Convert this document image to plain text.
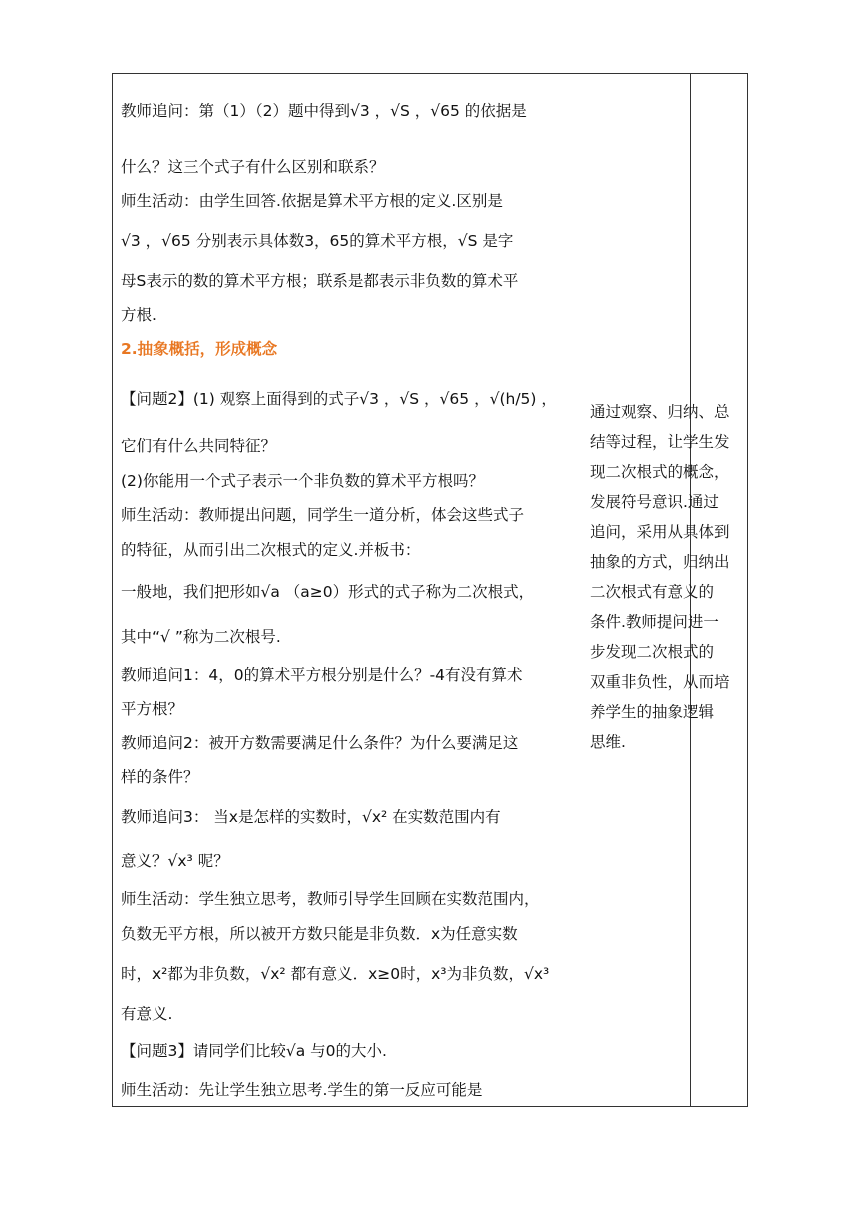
教师追问：第（1）（2）题中得到√3 ，√S ，√65 的依据是
什么？这三个式子有什么区别和联系？
师生活动：由学生回答.依据是算术平方根的定义.区别是
√3 ，√65 分别表示具体数3，65的算术平方根，√S 是字
母S表示的数的算术平方根；联系是都表示非负数的算术平
方根.
2.抽象概括，形成概念
【问题2】(1) 观察上面得到的式子√3 ，√S ，√65 ，√(h/5) ，
它们有什么共同特征？
(2)你能用一个式子表示一个非负数的算术平方根吗？
师生活动：教师提出问题，同学生一道分析，体会这些式子
的特征，从而引出二次根式的定义.并板书：
一般地，我们把形如√a （a≥0）形式的式子称为二次根式，
其中“√ ”称为二次根号.
教师追问1：4，0的算术平方根分别是什么？-4有没有算术
平方根？
教师追问2：被开方数需要满足什么条件？为什么要满足这
样的条件？
教师追问3： 当x是怎样的实数时，√x² 在实数范围内有
意义？√x³ 呢？
师生活动：学生独立思考，教师引导学生回顾在实数范围内，
负数无平方根，所以被开方数只能是非负数．x为任意实数
时，x²都为非负数，√x² 都有意义．x≥0时，x³为非负数，√x³
有意义.
【问题3】请同学们比较√a 与0的大小.
师生活动：先让学生独立思考.学生的第一反应可能是
通过观察、归纳、总
结等过程，让学生发
现二次根式的概念，
发展符号意识.通过
追问，采用从具体到
抽象的方式，归纳出
二次根式有意义的
条件.教师提问进一
步发现二次根式的
双重非负性，从而培
养学生的抽象逻辑
思维.
